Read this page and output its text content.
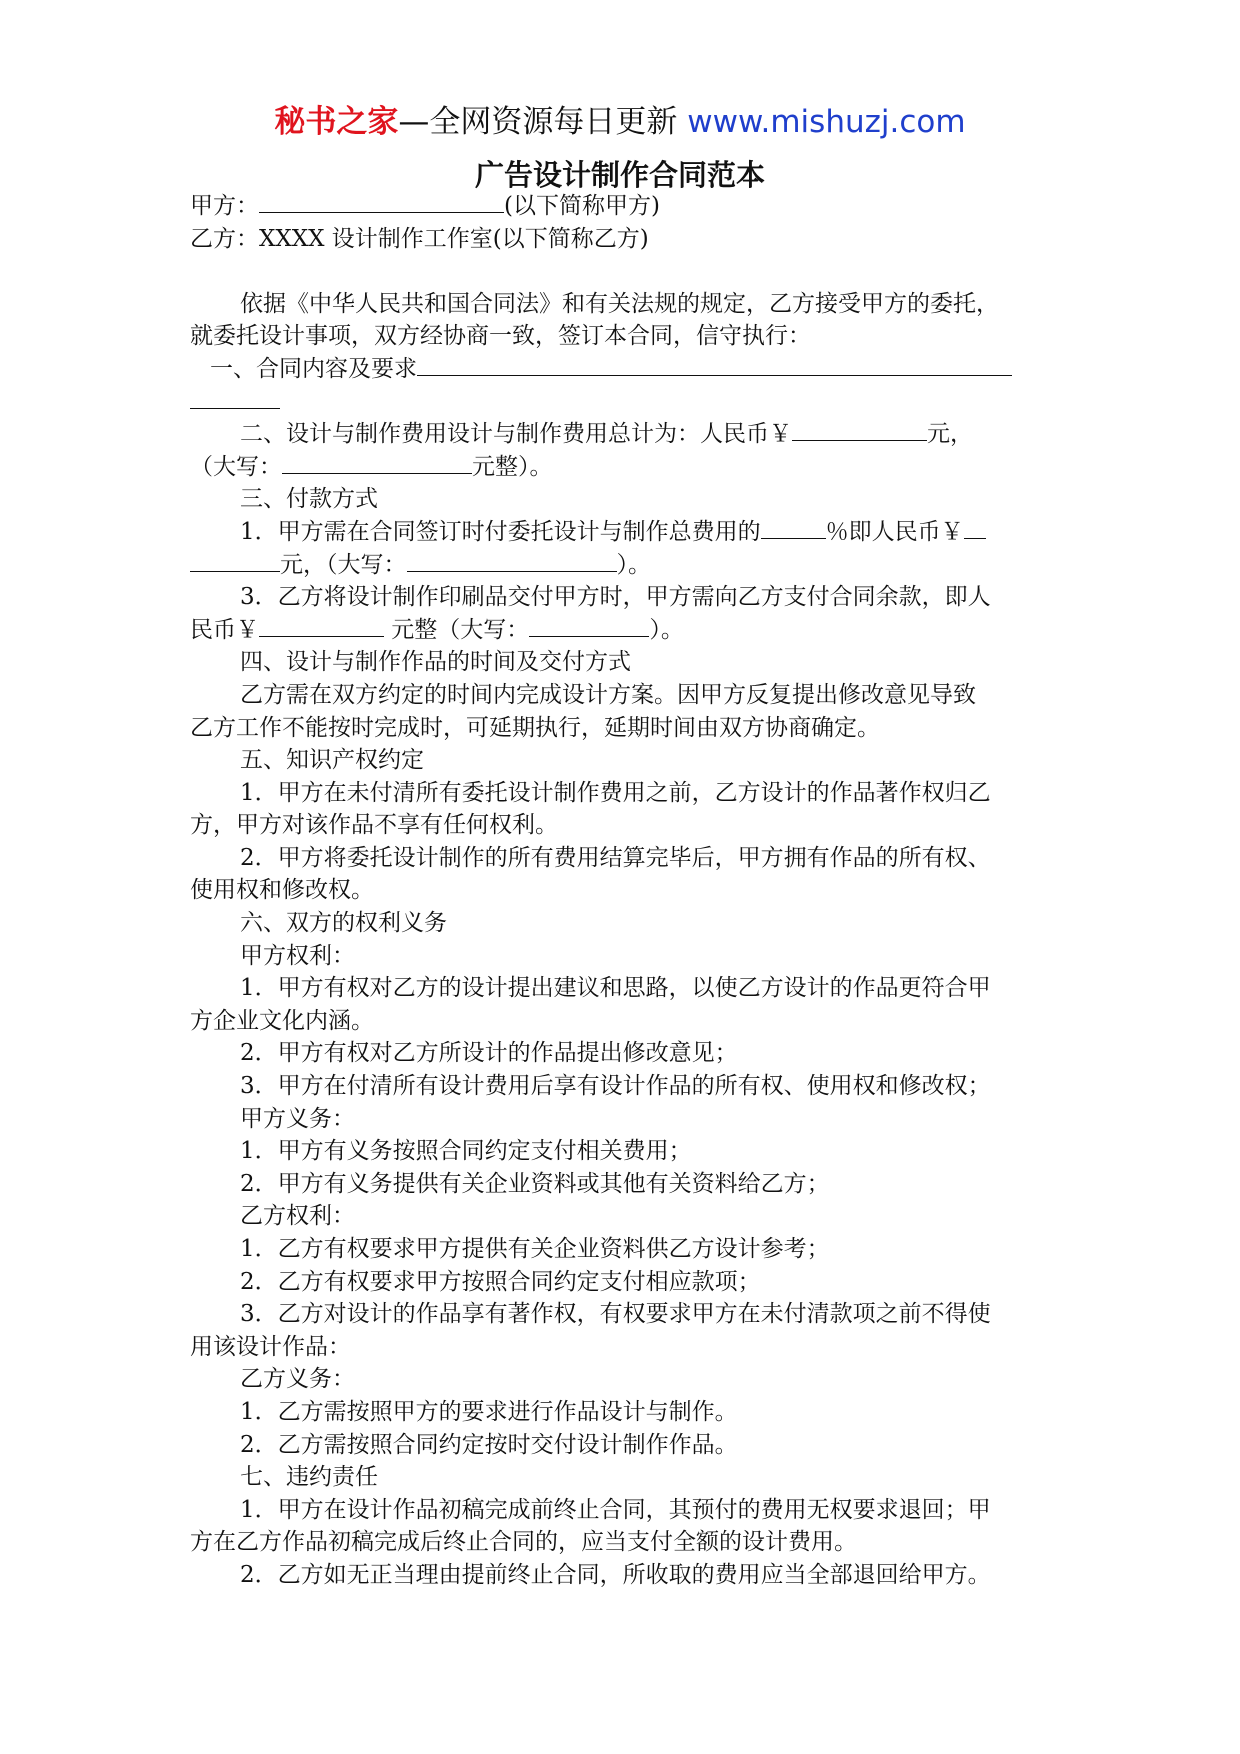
秘书之家—全网资源每日更新 www.mishuzj.com
广告设计制作合同范本
甲方：	(以下简称甲方)
乙方：XXXX 设计制作工作室(以下简称乙方)
依据《中华人民共和国合同法》和有关法规的规定，乙方接受甲方的委托，
就委托设计事项，双方经协商一致，签订本合同，信守执行：
一、合同内容及要求
二、设计与制作费用设计与制作费用总计为：人民币￥	元，
（大写：	元整）。
三、付款方式
1．甲方需在合同签订时付委托设计与制作总费用的	％即人民币￥
元，（大写：	）。
3．乙方将设计制作印刷品交付甲方时，甲方需向乙方支付合同余款，即人
民币￥	元整（大写：	）。
四、设计与制作作品的时间及交付方式
乙方需在双方约定的时间内完成设计方案。因甲方反复提出修改意见导致
乙方工作不能按时完成时，可延期执行，延期时间由双方协商确定。
五、知识产权约定
1．甲方在未付清所有委托设计制作费用之前，乙方设计的作品著作权归乙
方，甲方对该作品不享有任何权利。
2．甲方将委托设计制作的所有费用结算完毕后，甲方拥有作品的所有权、
使用权和修改权。
六、双方的权利义务
甲方权利：
1．甲方有权对乙方的设计提出建议和思路，以使乙方设计的作品更符合甲
方企业文化内涵。
2．甲方有权对乙方所设计的作品提出修改意见；
3．甲方在付清所有设计费用后享有设计作品的所有权、使用权和修改权；
甲方义务：
1．甲方有义务按照合同约定支付相关费用；
2．甲方有义务提供有关企业资料或其他有关资料给乙方；
乙方权利：
1．乙方有权要求甲方提供有关企业资料供乙方设计参考；
2．乙方有权要求甲方按照合同约定支付相应款项；
3．乙方对设计的作品享有著作权，有权要求甲方在未付清款项之前不得使
用该设计作品：
乙方义务：
1．乙方需按照甲方的要求进行作品设计与制作。
2．乙方需按照合同约定按时交付设计制作作品。
七、违约责任
1．甲方在设计作品初稿完成前终止合同，其预付的费用无权要求退回；甲
方在乙方作品初稿完成后终止合同的，应当支付全额的设计费用。
2．乙方如无正当理由提前终止合同，所收取的费用应当全部退回给甲方。
